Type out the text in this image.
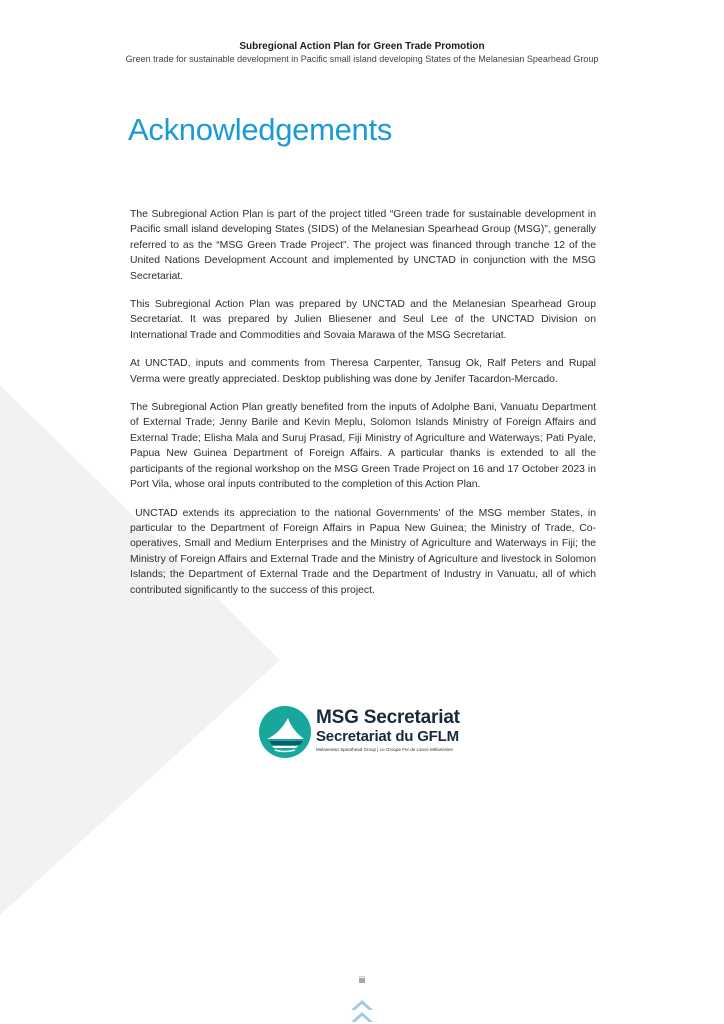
Subregional Action Plan for Green Trade Promotion
Green trade for sustainable development in Pacific small island developing States of the Melanesian Spearhead Group
Acknowledgements

The Subregional Action Plan is part of the project titled “Green trade for sustainable development in Pacific small island developing States (SIDS) of the Melanesian Spearhead Group (MSG)”, generally referred to as the “MSG Green Trade Project”. The project was financed through tranche 12 of the United Nations Development Account and implemented by UNCTAD in conjunction with the MSG Secretariat.

This Subregional Action Plan was prepared by UNCTAD and the Melanesian Spearhead Group Secretariat. It was prepared by Julien Bliesener and Seul Lee of the UNCTAD Division on International Trade and Commodities and Sovaia Marawa of the MSG Secretariat.

At UNCTAD, inputs and comments from Theresa Carpenter, Tansug Ok, Ralf Peters and Rupal Verma were greatly appreciated. Desktop publishing was done by Jenifer Tacardon-Mercado.

The Subregional Action Plan greatly benefited from the inputs of Adolphe Bani, Vanuatu Department of External Trade; Jenny Barile and Kevin Meplu, Solomon Islands Ministry of Foreign Affairs and External Trade; Elisha Mala and Suruj Prasad, Fiji Ministry of Agriculture and Waterways; Pati Pyale, Papua New Guinea Department of Foreign Affairs. A particular thanks is extended to all the participants of the regional workshop on the MSG Green Trade Project on 16 and 17 October 2023 in Port Vila, whose oral inputs contributed to the completion of this Action Plan.

UNCTAD extends its appreciation to the national Governments’ of the MSG member States, in particular to the Department of Foreign Affairs in Papua New Guinea; the Ministry of Trade, Co-operatives, Small and Medium Enterprises and the Ministry of Agriculture and Waterways in Fiji; the Ministry of Foreign Affairs and External Trade and the Ministry of Agriculture and livestock in Solomon Islands; the Department of External Trade and the Department of Industry in Vanuatu, all of which contributed significantly to the success of this project.

MSG Secretariat
Secretariat du GFLM
Melanesian Spearhead Group | Le Groupe Fer de Lance Mélanésien
iii
